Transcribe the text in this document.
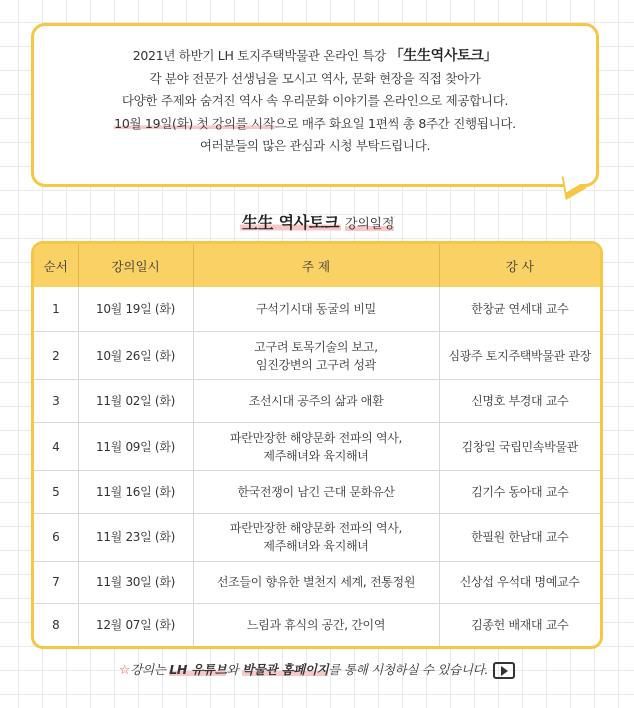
2021년 하반기 LH 토지주택박물관 온라인 특강 「生生역사토크」
각 분야 전문가 선생님을 모시고 역사, 문화 현장을 직접 찾아가
다양한 주제와 숨겨진 역사 속 우리문화 이야기를 온라인으로 제공합니다.
10월 19일(화) 첫 강의를 시작으로 매주 화요일 1편씩 총 8주간 진행됩니다.
여러분들의 많은 관심과 시청 부탁드립니다.
生生 역사토크 강의일정
순서	강의일시	주 제	강 사
1	10월 19일 (화)	구석기시대 동굴의 비밀	한창균 연세대 교수
2	10월 26일 (화)	고구려 토목기술의 보고,
임진강변의 고구려 성곽	심광주 토지주택박물관 관장
3	11월 02일 (화)	조선시대 공주의 삶과 애환	신명호 부경대 교수
4	11월 09일 (화)	파란만장한 해양문화 전파의 역사,
제주해녀와 육지해녀	김창일 국립민속박물관
5	11월 16일 (화)	한국전쟁이 남긴 근대 문화유산	김기수 동아대 교수
6	11월 23일 (화)	파란만장한 해양문화 전파의 역사,
제주해녀와 육지해녀	한필원 한남대 교수
7	11월 30일 (화)	선조들이 향유한 별천지 세계, 전통정원	신상섭 우석대 명예교수
8	12월 07일 (화)	느림과 휴식의 공간, 간이역	김종헌 배재대 교수
☆강의는 LH 유튜브와 박물관 홈페이지를 통해 시청하실 수 있습니다.
